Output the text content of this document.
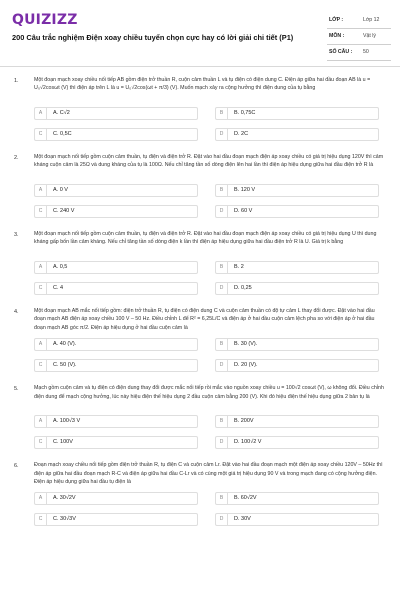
QUIZIZZ
200 Câu trắc nghiệm Điện xoay chiều tuyển chọn cực hay có lời giải chi tiết (P1)
LỚP :	Lớp 12
MÔN :	Vật lý
SỐ CÂU : 50
1.	Một đoạn mạch xoay chiều nối tiếp AB gồm điện trở thuần R, cuộn cảm thuần L và tụ điện có điện dung C. Điện áp giữa hai đầu đoạn AB là u = U₀√2cosωt (V) thì điện áp trên L là u = U₀√2cos(ωt + π/3) (V). Muốn mạch xảy ra cộng hưởng thì điện dung của tụ bằng
A	A. C√2	B	B. 0,75C
C	C. 0,5C	D	D. 2C
2.	Một đoạn mạch nối tiếp gồm cuộn cảm thuần, tụ điện và điện trở R. Đặt vào hai đầu đoạn mạch điện áp xoay chiều có giá trị hiệu dụng 120V thì cảm kháng cuộn cảm là 25Ω và dung kháng của tụ là 100Ω. Nếu chỉ tăng tần số dòng điện lên hai lần thì điện áp hiệu dụng giữa hai đầu điện trở R là
A	A. 0 V	B	B. 120 V
C	C. 240 V	D	D. 60 V
3.	Một đoạn mạch nối tiếp gồm cuộn cảm thuần, tụ điện và điện trở R. Đặt vào hai đầu đoạn mạch điện áp xoay chiều có giá trị hiệu dụng U thì dung kháng gấp bốn lần cảm kháng. Nếu chỉ tăng tần số dòng điện k lần thì điện áp hiệu dụng giữa hai đầu điện trở R là U. Giá trị k bằng
A	A. 0,5	B	B. 2
C	C. 4	D	D. 0,25
4.	Một đoạn mạch AB mắc nối tiếp gồm: điện trở thuần R, tụ điện có điện dung C và cuộn cảm thuần có độ tự cảm L thay đổi được. Đặt vào hai đầu đoạn mạch AB điện áp xoay chiều 100 V – 50 Hz. Điều chỉnh L để R² = 6,25L/C và điện áp ở hai đầu cuộn cảm lệch pha so với điện áp ở hai đầu đoạn mạch AB góc π/2. Điện áp hiệu dụng ở hai đầu cuộn cảm là
A	A. 40 (V).	B	B. 30 (V).
C	C. 50 (V).	D	D. 20 (V).
5.	Mạch gồm cuộn cảm và tụ điện có điện dung thay đổi được mắc nối tiếp rồi mắc vào nguồn xoay chiều u = 100√2 cosωt (V), ω không đổi. Điều chỉnh điện dung để mạch cộng hưởng, lúc này hiệu điện thế hiệu dụng 2 đầu cuộn cảm bằng 200 (V). Khi đó hiệu điện thế hiệu dụng giữa 2 bản tụ là
A	A. 100√3 V	B	B. 200V
C	C. 100V	D	D. 100√2 V
6.	Đoạn mạch xoay chiều nối tiếp gồm điện trở thuần R, tụ điện C và cuộn cảm Lr. Đặt vào hai đầu đoạn mạch một điện áp xoay chiều 120V – 50Hz thì điện áp giữa hai đầu đoạn mạch R-C và điện áp giữa hai đầu C-Lr và có cùng một giá trị hiệu dụng 90 V và trong mạch đang có cộng hưởng điện. Điện áp hiệu dụng giữa hai đầu tụ điện là
A	A. 30√2V	B	B. 60√2V
C	C. 30√3V	D	D. 30V
